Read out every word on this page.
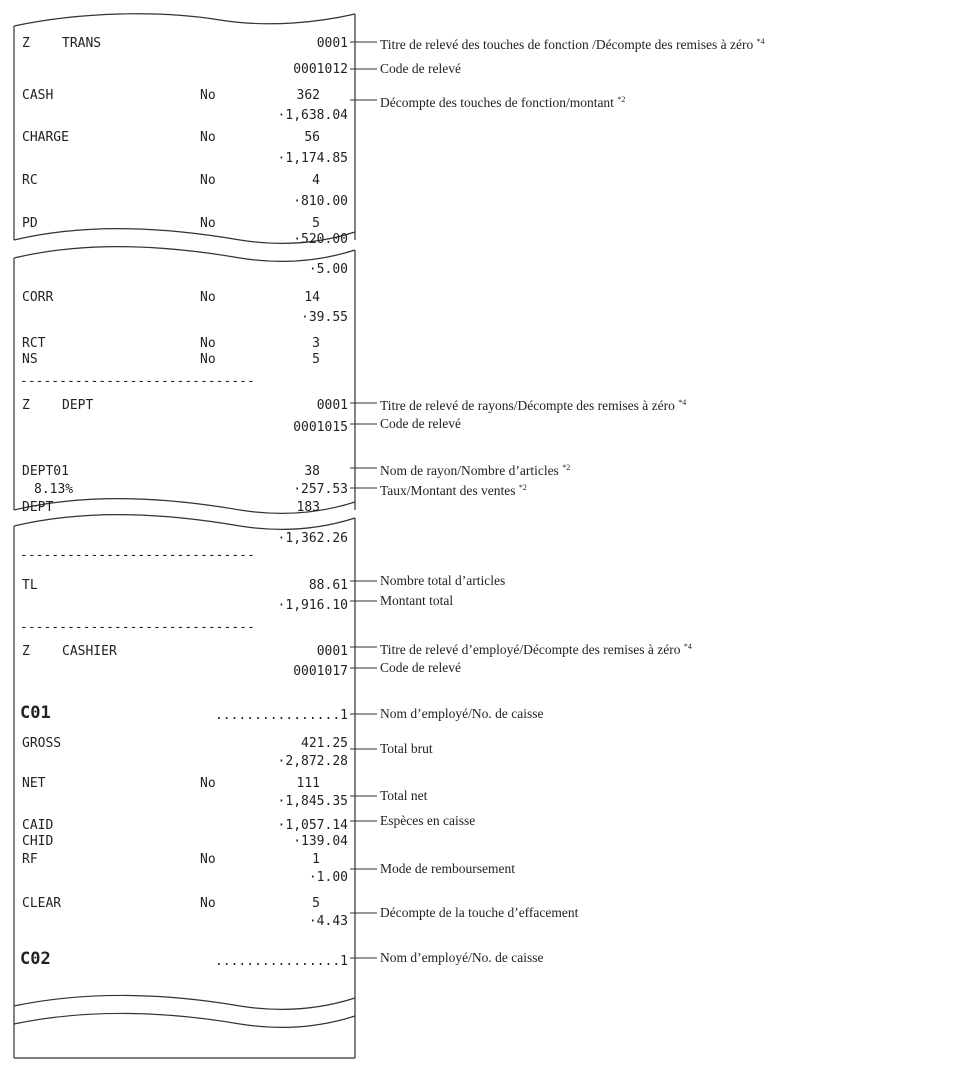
Z TRANS	0001
0001012
CASH	No	362
·1,638.04
CHARGE	No	56
·1,174.85
RC	No	4
·810.00
PD	No	5
·520.00
·5.00
CORR	No	14
·39.55
RCT	No	3
NS	No	5
------------------------------
Z DEPT	0001
0001015
DEPT01	38
8.13%	·257.53
DEPT	183
·1,362.26
------------------------------
TL	88.61
·1,916.10
------------------------------
Z CASHIER	0001
0001017
C01	................1
GROSS	421.25
·2,872.28
NET	No	111
·1,845.35
CAID	·1,057.14
CHID	·139.04
RF	No	1
·1.00
CLEAR	No	5
·4.43
C02	................1
Titre de relevé des touches de fonction /Décompte des remises à zéro $^{*4}$
Code de relevé
Décompte des touches de fonction/montant $^{*2}$
Titre de relevé de rayons/Décompte des remises à zéro $^{*4}$
Code de relevé
Nom de rayon/Nombre d’articles $^{*2}$
Taux/Montant des ventes $^{*2}$
Nombre total d’articles
Montant total
Titre de relevé d’employé/Décompte des remises à zéro $^{*4}$
Code de relevé
Nom d’employé/No. de caisse
Total brut
Total net
Espèces en caisse
Mode de remboursement
Décompte de la touche d’effacement
Nom d’employé/No. de caisse
